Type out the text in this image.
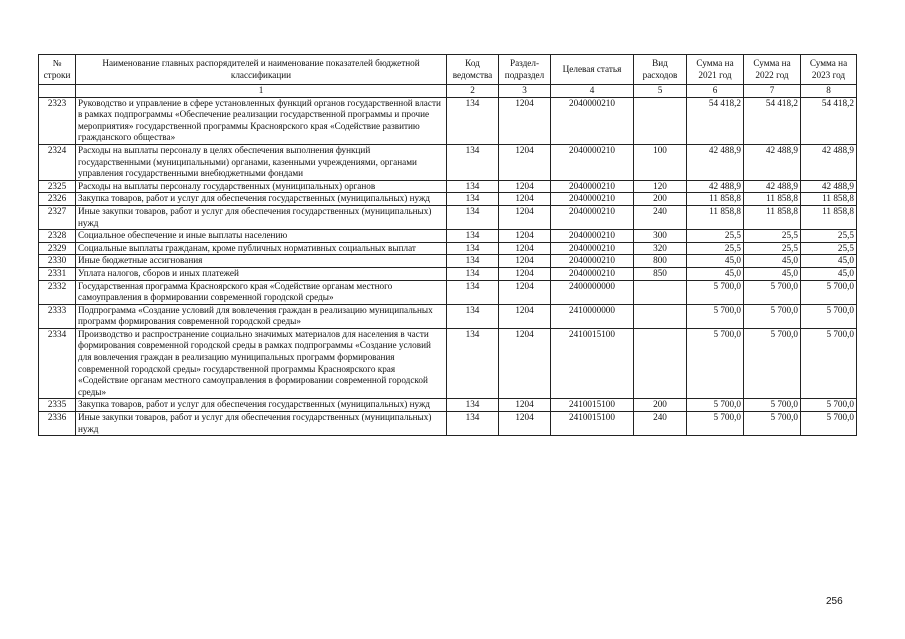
№ строки	Наименование главных распорядителей и наименование показателей бюджетной классификации	Код ведомства	Раздел-подраздел	Целевая статья	Вид расходов	Сумма на 2021 год	Сумма на 2022 год	Сумма на 2023 год
	1	2	3	4	5	6	7	8
2323	Руководство и управление в сфере установленных функций органов государственной власти в рамках подпрограммы «Обеспечение реализации государственной программы и прочие мероприятия» государственной программы Красноярского края «Содействие развитию гражданского общества»	134	1204	2040000210		54 418,2	54 418,2	54 418,2
2324	Расходы на выплаты персоналу в целях обеспечения выполнения функций государственными (муниципальными) органами, казенными учреждениями, органами управления государственными внебюджетными фондами	134	1204	2040000210	100	42 488,9	42 488,9	42 488,9
2325	Расходы на выплаты персоналу государственных (муниципальных) органов	134	1204	2040000210	120	42 488,9	42 488,9	42 488,9
2326	Закупка товаров, работ и услуг для обеспечения государственных (муниципальных) нужд	134	1204	2040000210	200	11 858,8	11 858,8	11 858,8
2327	Иные закупки товаров, работ и услуг для обеспечения государственных (муниципальных) нужд	134	1204	2040000210	240	11 858,8	11 858,8	11 858,8
2328	Социальное обеспечение и иные выплаты населению	134	1204	2040000210	300	25,5	25,5	25,5
2329	Социальные выплаты гражданам, кроме публичных нормативных социальных выплат	134	1204	2040000210	320	25,5	25,5	25,5
2330	Иные бюджетные ассигнования	134	1204	2040000210	800	45,0	45,0	45,0
2331	Уплата налогов, сборов и иных платежей	134	1204	2040000210	850	45,0	45,0	45,0
2332	Государственная программа Красноярского края «Содействие органам местного самоуправления в формировании современной городской среды»	134	1204	2400000000		5 700,0	5 700,0	5 700,0
2333	Подпрограмма «Создание условий для вовлечения граждан в реализацию муниципальных программ формирования современной городской среды»	134	1204	2410000000		5 700,0	5 700,0	5 700,0
2334	Производство и распространение социально значимых материалов для населения в части формирования современной городской среды в рамках подпрограммы «Создание условий для вовлечения граждан в реализацию муниципальных программ формирования современной городской среды» государственной программы Красноярского края «Содействие органам местного самоуправления в формировании современной городской среды»	134	1204	2410015100		5 700,0	5 700,0	5 700,0
2335	Закупка товаров, работ и услуг для обеспечения государственных (муниципальных) нужд	134	1204	2410015100	200	5 700,0	5 700,0	5 700,0
2336	Иные закупки товаров, работ и услуг для обеспечения государственных (муниципальных) нужд	134	1204	2410015100	240	5 700,0	5 700,0	5 700,0
256
